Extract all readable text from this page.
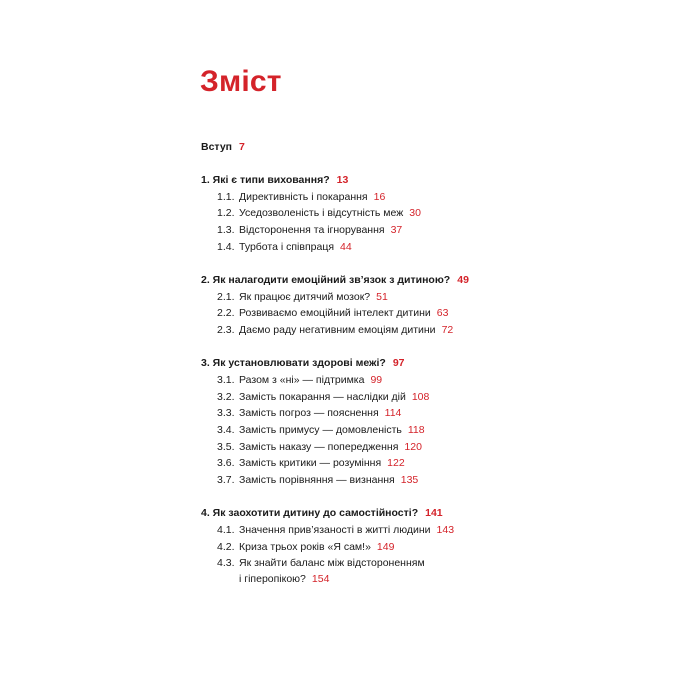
Зміст
Вступ 7
1. Які є типи виховання? 13
1.1. Директивність і покарання 16
1.2. Уседозволеність і відсутність меж 30
1.3. Відсторонення та ігнорування 37
1.4. Турбота і співпраця 44
2. Як налагодити емоційний зв’язок з дитиною? 49
2.1. Як працює дитячий мозок? 51
2.2. Розвиваємо емоційний інтелект дитини 63
2.3. Даємо раду негативним емоціям дитини 72
3. Як установлювати здорові межі? 97
3.1. Разом з «ні» — підтримка 99
3.2. Замість покарання — наслідки дій 108
3.3. Замість погроз — пояснення 114
3.4. Замість примусу — домовленість 118
3.5. Замість наказу — попередження 120
3.6. Замість критики — розуміння 122
3.7. Замість порівняння — визнання 135
4. Як заохотити дитину до самостійності? 141
4.1. Значення прив’язаності в житті людини 143
4.2. Криза трьох років «Я сам!» 149
4.3. Як знайти баланс між відстороненням
і гіперопікою? 154
